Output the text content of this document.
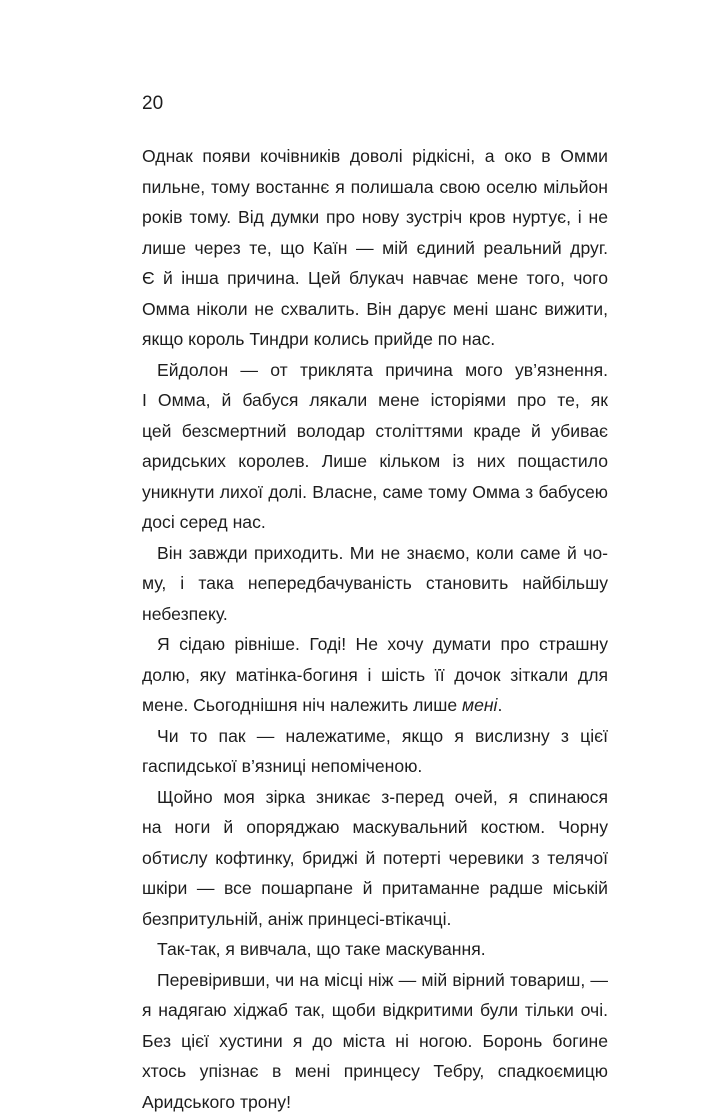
20

Однак появи кочівників доволі рідкісні, а око в Омми
пильне, тому востаннє я полишала свою оселю мільйон
років тому. Від думки про нову зустріч кров нуртує, і не
лише через те, що Каїн — мій єдиний реальний друг.
Є й інша причина. Цей блукач навчає мене того, чого
Омма ніколи не схвалить. Він дарує мені шанс вижити,
якщо король Тиндри колись прийде по нас.

Ейдолон — от триклята причина мого ув’язнення.
І Омма, й бабуся лякали мене історіями про те, як
цей безсмертний володар століттями краде й убиває
аридських королев. Лише кільком із них пощастило
уникнути лихої долі. Власне, саме тому Омма з бабусею
досі серед нас.

Він завжди приходить. Ми не знаємо, коли саме й чо-
му, і така непередбачуваність становить найбільшу
небезпеку.

Я сідаю рівніше. Годі! Не хочу думати про страшну
долю, яку матінка-богиня і шість її дочок зіткали для
мене. Сьогоднішня ніч належить лише мені.

Чи то пак — належатиме, якщо я вислизну з цієї
гаспидської в’язниці непоміченою.

Щойно моя зірка зникає з-перед очей, я спинаюся
на ноги й опоряджаю маскувальний костюм. Чорну
обтислу кофтинку, бриджі й потерті черевики з телячої
шкіри — все пошарпане й притаманне радше міській
безпритульній, аніж принцесі-втікачці.

Так-так, я вивчала, що таке маскування.

Перевіривши, чи на місці ніж — мій вірний товариш, — я надягаю хіджаб так, щоби відкритими були тільки очі. Без цієї хустини я до міста ні ногою. Боронь богине хтось упізнає в мені принцесу Тебру, спадкоємицю Аридського трону!
